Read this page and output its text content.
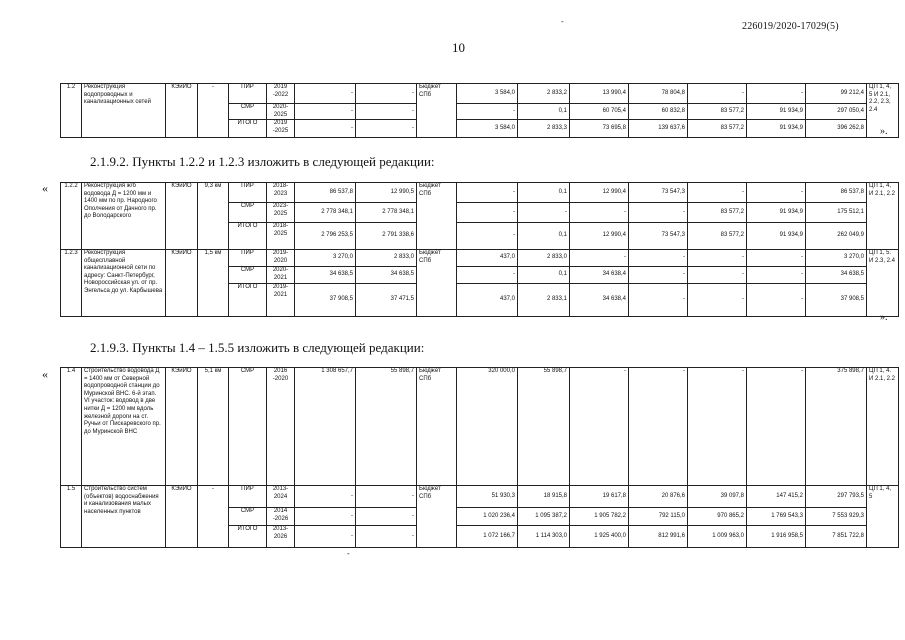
-	226019/2020-17029(5)
10
1.2	Реконструкция водопроводных и канализационных сетей	КЭиИО	-	ПИР	2019 -2022	-	-	Бюджет СПб	3 584,0	2 833,2	13 990,4	78 804,8	-	-	99 212,4	ЦП 1, 4, 5 И 2.1, 2.2, 2.3, 2.4
				СМР	2020- 2025	-	-		-	0,1	60 705,4	60 832,8	83 577,2	91 934,9	297 050,4	
				ИТОГО	2019 -2025	-	-		3 584,0	2 833,3	73 695,8	139 637,6	83 577,2	91 934,9	396 262,8	».
2.1.9.2. Пункты 1.2.2 и 1.2.3 изложить в следующей редакции:
«	1.2.2	Реконструкция ж/б водовода Д = 1200 мм и 1400 мм по пр. Народного Ополчения от Дачного пр. до Володарского	КЭиИО	9,3 км	ПИР	2018- 2023	86 537,8	12 990,5	Бюджет СПб	-	0,1	12 990,4	73 547,3	-	-	86 537,8	ЦП 1, 4, И 2.1, 2.2
				СМР	2023- 2025	2 778 348,1	2 778 348,1		-	-	-	-	83 577,2	91 934,9	175 512,1	
				ИТОГО	2018- 2025	2 796 253,5	2 791 338,6		-	0,1	12 990,4	73 547,3	83 577,2	91 934,9	262 049,9	
1.2.3	Реконструкция общесплавной канализационной сети по адресу: Санкт-Петербург, Новороссийская ул. от пр. Энгельса до ул. Карбышева	КЭиИО	1,5 км	ПИР	2019- 2020	3 270,0	2 833,0	Бюджет СПб	437,0	2 833,0	-	-	-	-	3 270,0	ЦП 1, 5. И 2.3, 2.4
				СМР	2020- 2021	34 638,5	34 638,5		-	0,1	34 638,4	-	-	-	34 638,5	
				ИТОГО	2019- 2021	37 908,5	37 471,5		437,0	2 833,1	34 638,4	-	-	-	37 908,5	
».
2.1.9.3. Пункты 1.4 – 1.5.5 изложить в следующей редакции:
«	1.4	Строительство водовода Д = 1400 мм от Северной водопроводной станции до Муринской ВНС. 6-й этап. VI участок: водовод в две нитки Д = 1200 мм вдоль железной дороги на ст. Ручьи от Пискаревского пр. до Муринской ВНС	КЭиИО	5,1 км	СМР	2016 -2020	1 308 657,7	55 898,7	Бюджет СПб	320 000,0	55 898,7	-	-	-	-	375 898,7	ЦП 1, 4. И 2.1, 2.2
1.5	Строительство систем (объектов) водоснабжения и канализования малых населенных пунктов	КЭиИО	-	ПИР	2013- 2024	-	-	Бюджет СПб	51 930,3	18 915,8	19 617,8	20 876,6	39 097,8	147 415,2	297 793,5	ЦП 1, 4, 5
				СМР	2014 -2026	-	-		1 020 236,4	1 095 387,2	1 905 782,2	792 115,0	970 865,2	1 769 543,3	7 553 929,3	
				ИТОГО	2013- 2026	-	-		1 072 166,7	1 114 303,0	1 925 400,0	812 991,6	1 009 963,0	1 916 958,5	7 851 722,8	
-
